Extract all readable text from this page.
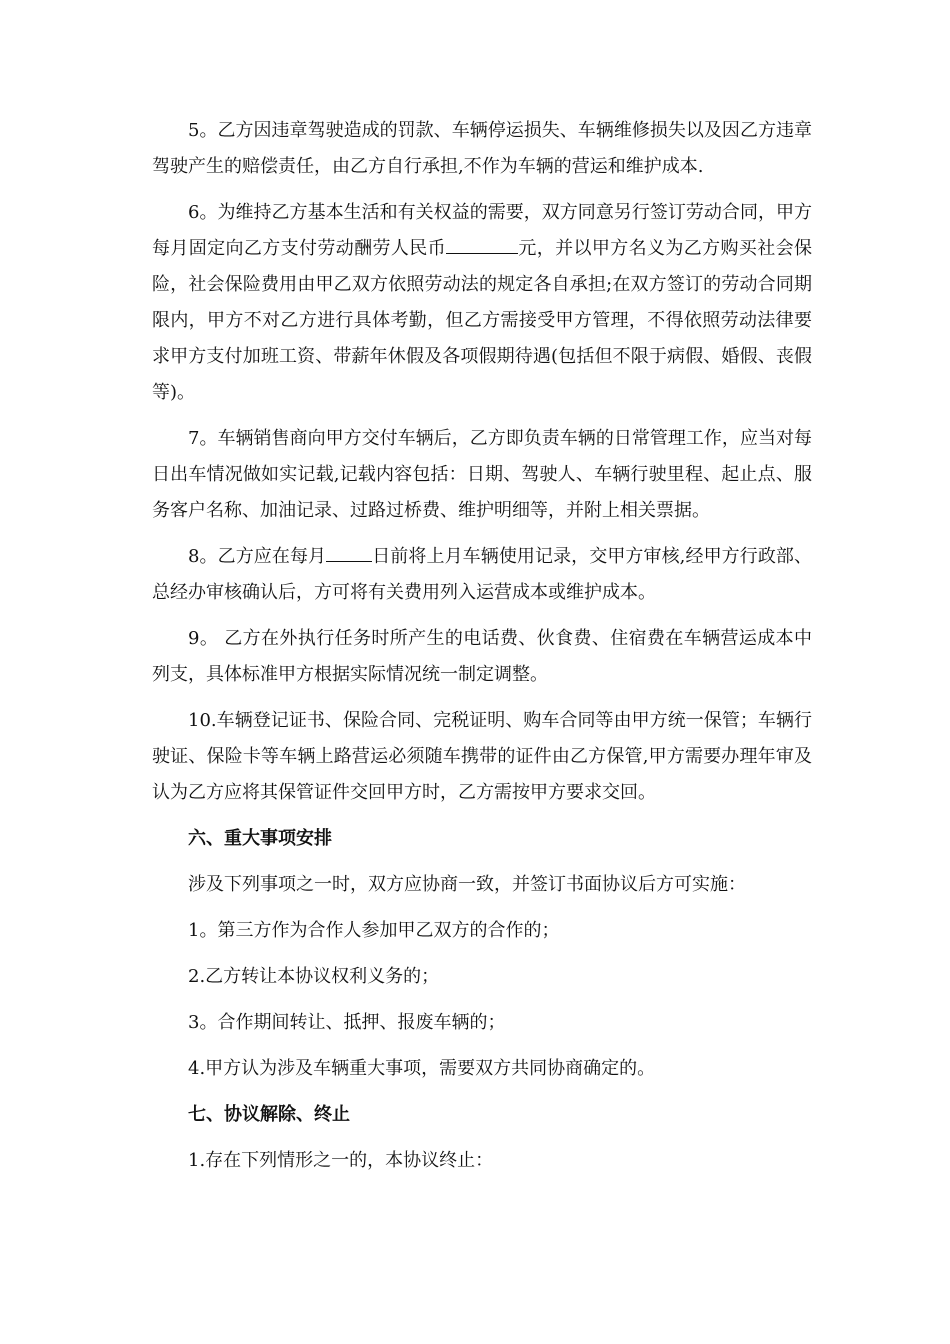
5。乙方因违章驾驶造成的罚款、车辆停运损失、车辆维修损失以及因乙方违章驾驶产生的赔偿责任，由乙方自行承担,不作为车辆的营运和维护成本.

6。为维持乙方基本生活和有关权益的需要，双方同意另行签订劳动合同，甲方每月固定向乙方支付劳动酬劳人民币	元，并以甲方名义为乙方购买社会保险，社会保险费用由甲乙双方依照劳动法的规定各自承担;在双方签订的劳动合同期限内，甲方不对乙方进行具体考勤，但乙方需接受甲方管理，不得依照劳动法律要求甲方支付加班工资、带薪年休假及各项假期待遇(包括但不限于病假、婚假、丧假等)。

7。车辆销售商向甲方交付车辆后，乙方即负责车辆的日常管理工作，应当对每日出车情况做如实记载,记载内容包括：日期、驾驶人、车辆行驶里程、起止点、服务客户名称、加油记录、过路过桥费、维护明细等，并附上相关票据。

8。乙方应在每月	日前将上月车辆使用记录，交甲方审核,经甲方行政部、总经办审核确认后，方可将有关费用列入运营成本或维护成本。

9。 乙方在外执行任务时所产生的电话费、伙食费、住宿费在车辆营运成本中列支，具体标准甲方根据实际情况统一制定调整。

10.车辆登记证书、保险合同、完税证明、购车合同等由甲方统一保管；车辆行驶证、保险卡等车辆上路营运必须随车携带的证件由乙方保管,甲方需要办理年审及认为乙方应将其保管证件交回甲方时，乙方需按甲方要求交回。

六、重大事项安排

涉及下列事项之一时，双方应协商一致，并签订书面协议后方可实施：

1。第三方作为合作人参加甲乙双方的合作的；

2.乙方转让本协议权利义务的；

3。合作期间转让、抵押、报废车辆的；

4.甲方认为涉及车辆重大事项，需要双方共同协商确定的。

七、协议解除、终止

1.存在下列情形之一的，本协议终止：
